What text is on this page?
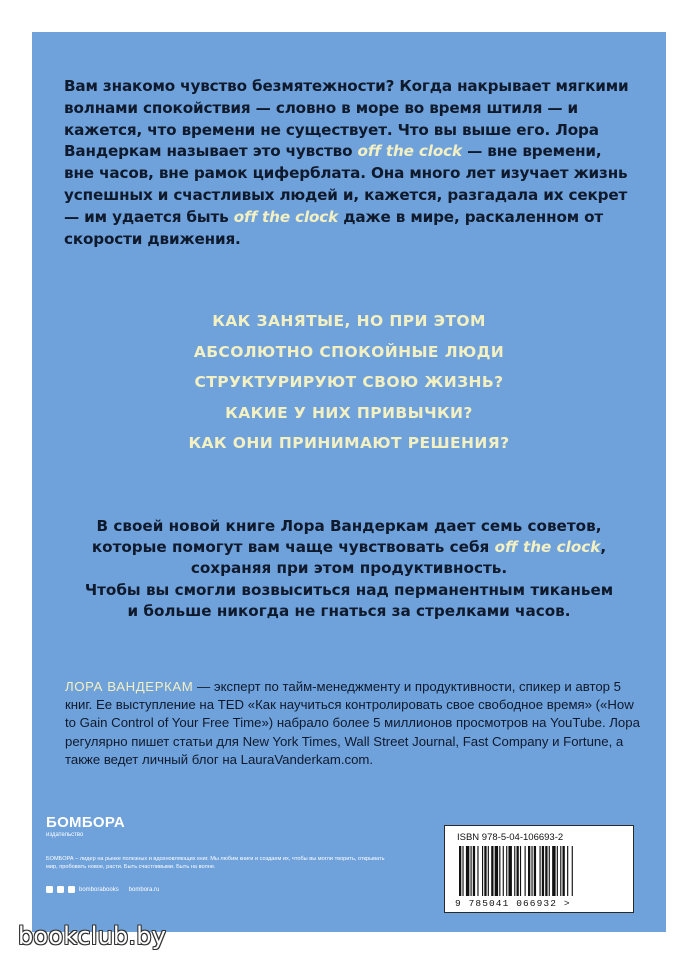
Вам знакомо чувство безмятежности? Когда накрывает мягкими волнами спокойствия — словно в море во время штиля — и кажется, что времени не существует. Что вы выше его. Лора Вандеркам называет это чувство off the clock — вне времени, вне часов, вне рамок циферблата. Она много лет изучает жизнь успешных и счастливых людей и, кажется, разгадала их секрет — им удается быть off the clock даже в мире, раскаленном от скорости движения.

КАК ЗАНЯТЫЕ, НО ПРИ ЭТОМ
АБСОЛЮТНО СПОКОЙНЫЕ ЛЮДИ
СТРУКТУРИРУЮТ СВОЮ ЖИЗНЬ?
КАКИЕ У НИХ ПРИВЫЧКИ?
КАК ОНИ ПРИНИМАЮТ РЕШЕНИЯ?
В своей новой книге Лора Вандеркам дает семь советов,
которые помогут вам чаще чувствовать себя off the clock,
сохраняя при этом продуктивность.
Чтобы вы смогли возвыситься над перманентным тиканьем
и больше никогда не гнаться за стрелками часов.

ЛОРА ВАНДЕРКАМ — эксперт по тайм-менеджменту и продуктивности, спикер и автор 5 книг. Ее выступление на TED «Как научиться контролировать свое свободное время» («How to Gain Control of Your Free Time») набрало более 5 миллионов просмотров на YouTube. Лора регулярно пишет статьи для New York Times, Wall Street Journal, Fast Company и Fortune, а также ведет личный блог на LauraVanderkam.com.

БОМБОРА
издательство
БОМБОРА – лидер на рынке полезных и вдохновляющих книг. Мы любим книги и создаем их, чтобы вы могли творить, открывать мир, пробовать новое, расти. Быть счастливыми. Быть на волне.
bomborabooks bombora.ru
ISBN 978-5-04-106693-2
9 785041 066932 >
bookclub.by
